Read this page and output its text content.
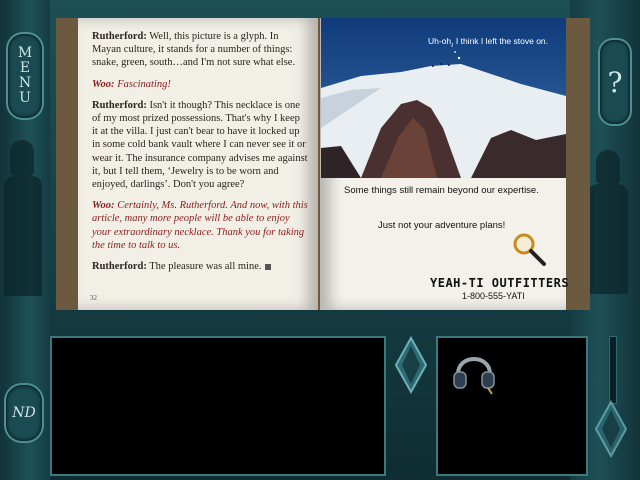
M
E
N
U	?
ND

Rutherford: Well, this picture is a glyph. In Mayan culture, it stands for a number of things: snake, green, south…and I'm not sure what else.

Woo: Fascinating!

Rutherford: Isn't it though? This necklace is one of my most prized possessions. That's why I keep it at the villa. I just can't bear to have it locked up in some cold bank vault where I can never see it or wear it. The insurance company advises me against it, but I tell them, ‘Jewelry is to be worn and enjoyed, darlings’. Don't you agree?

Woo: Certainly, Ms. Rutherford. And now, with this article, many more people will be able to enjoy your extraordinary necklace. Thank you for taking the time to talk to us.

Rutherford: The pleasure was all mine.

32
Uh-oh, I think I left the stove on.
Some things still remain beyond our expertise.
Just not your adventure plans!
YEAH-TI OUTFITTERS
1-800-555-YATI
